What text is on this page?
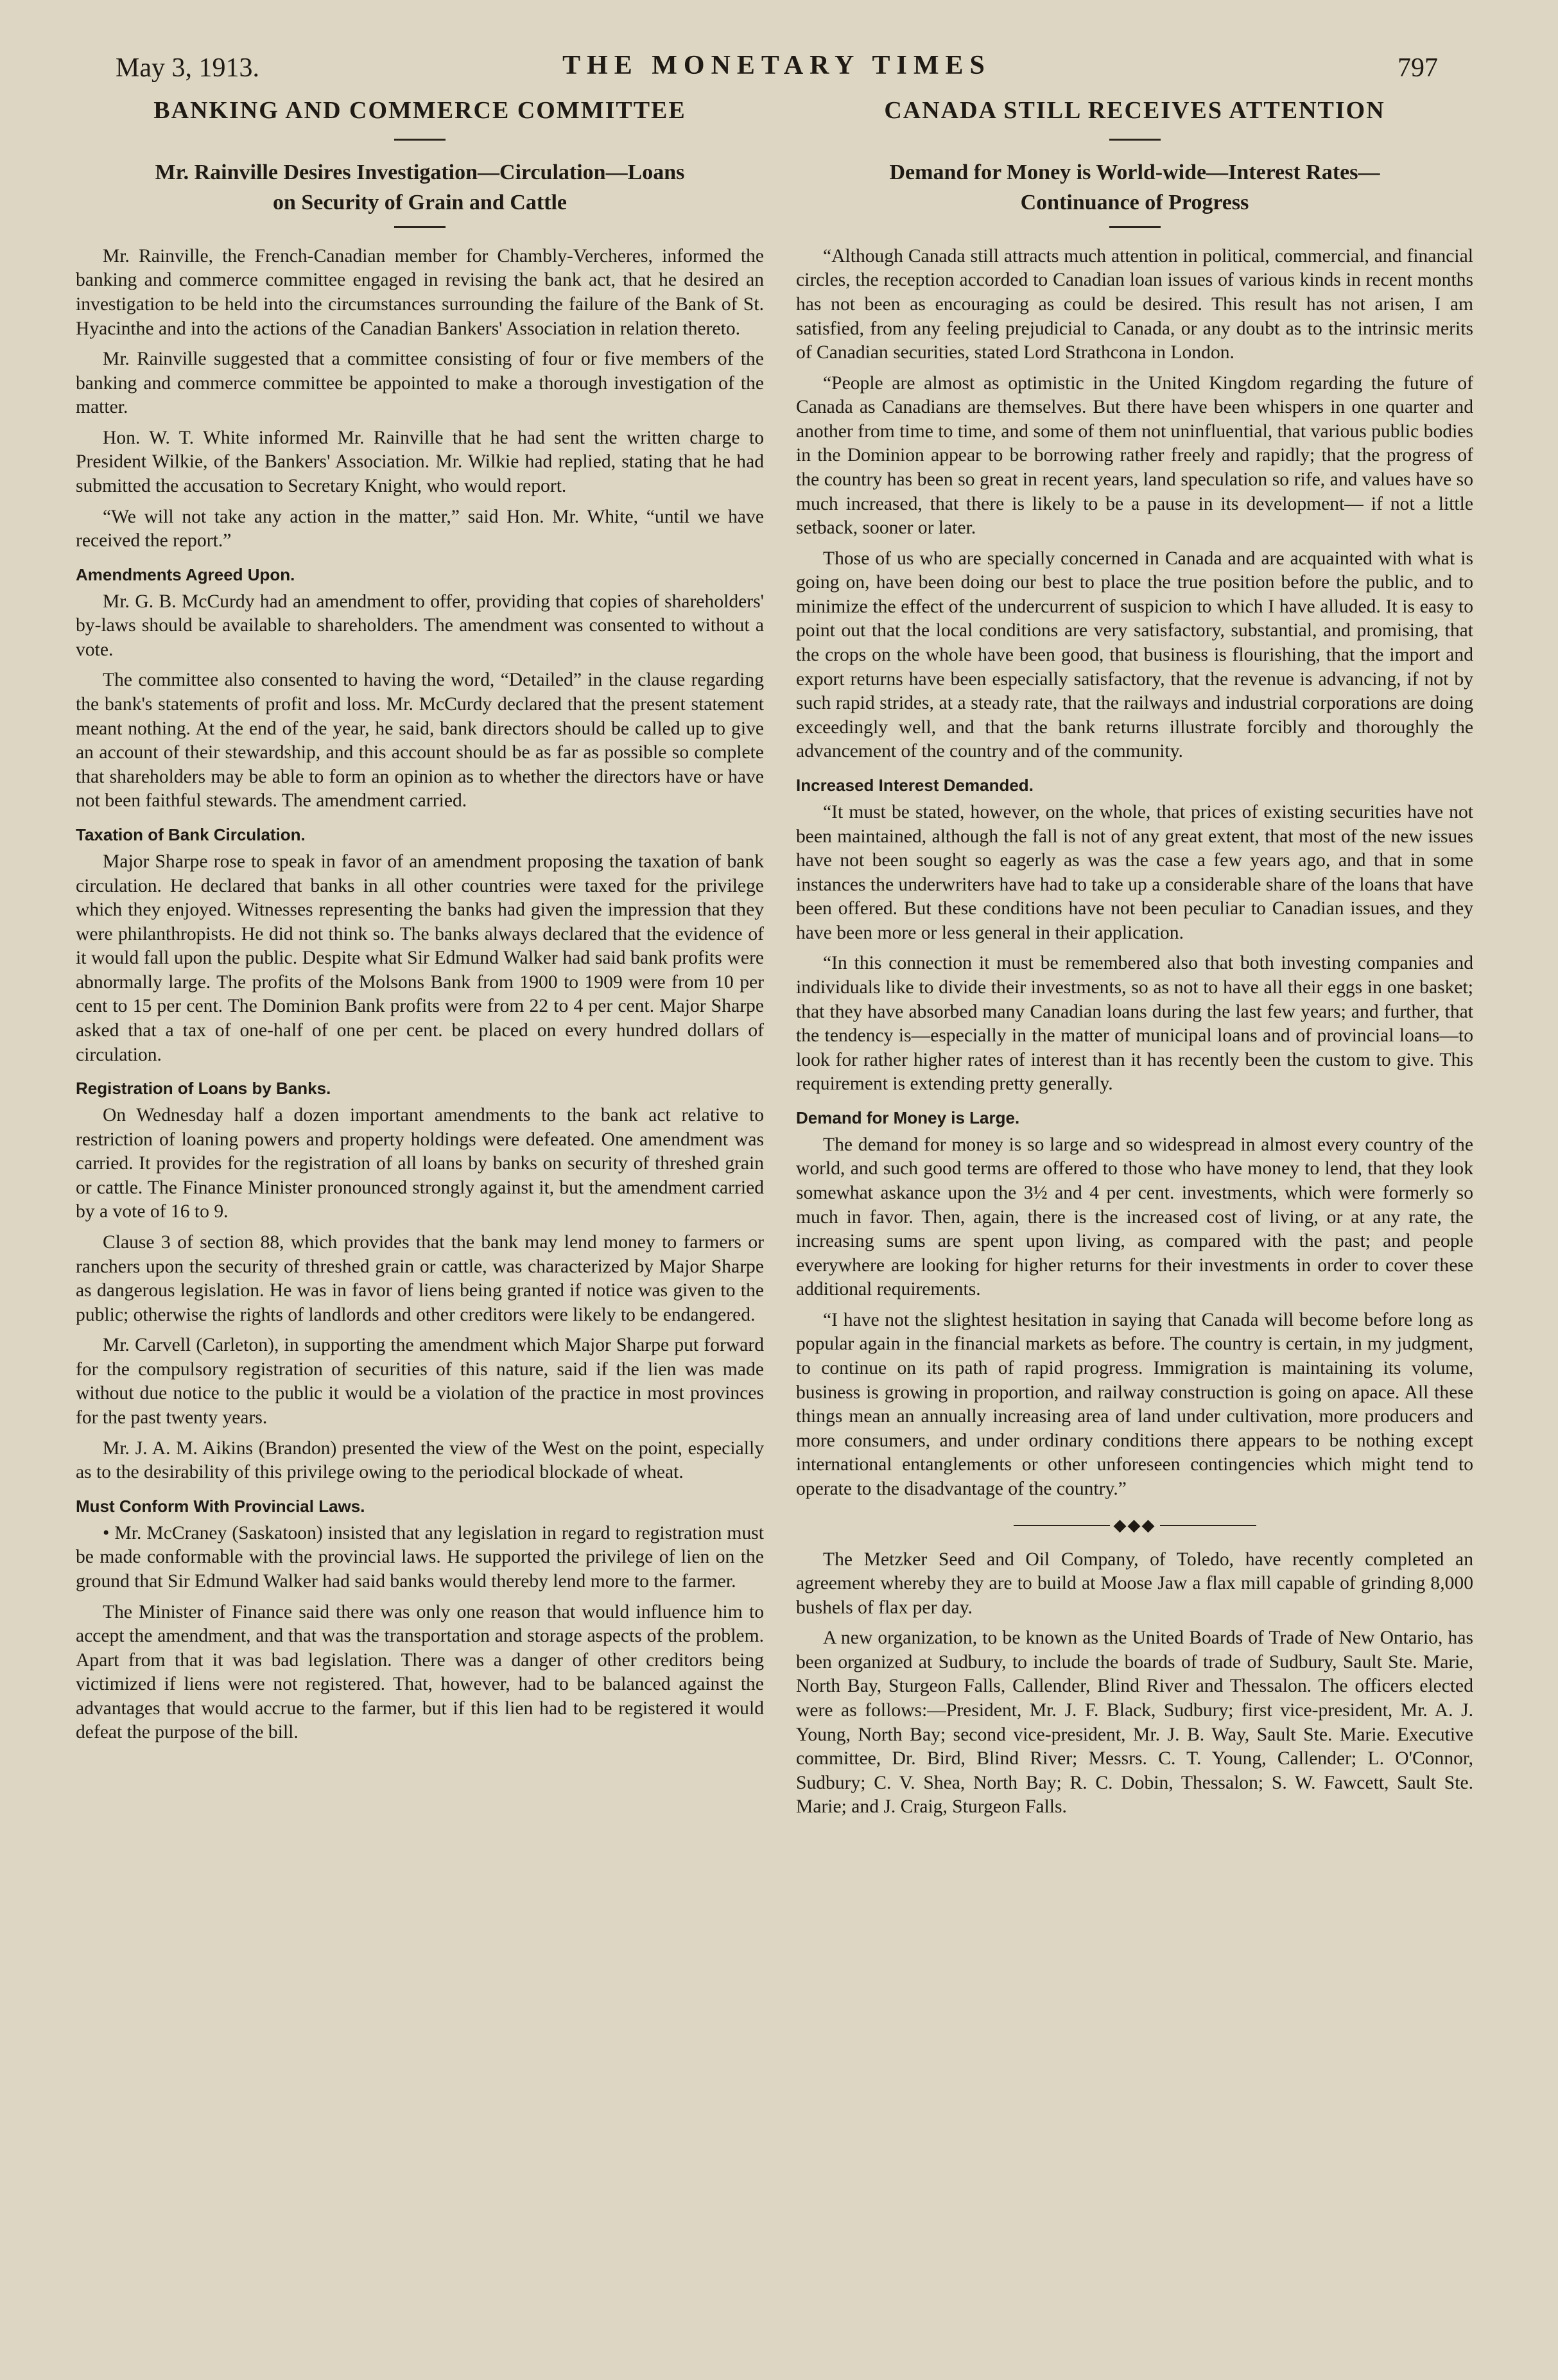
May 3, 1913.	THE MONETARY TIMES	797
BANKING AND COMMERCE COMMITTEE
Mr. Rainville Desires Investigation—Circulation—Loans
on Security of Grain and Cattle

Mr. Rainville, the French-Canadian member for Chambly-Vercheres, informed the banking and commerce committee engaged in revising the bank act, that he desired an investigation to be held into the circumstances surrounding the failure of the Bank of St. Hyacinthe and into the actions of the Canadian Bankers' Association in relation thereto.

Mr. Rainville suggested that a committee consisting of four or five members of the banking and commerce committee be appointed to make a thorough investigation of the matter.

Hon. W. T. White informed Mr. Rainville that he had sent the written charge to President Wilkie, of the Bankers' Association. Mr. Wilkie had replied, stating that he had submitted the accusation to Secretary Knight, who would report.

“We will not take any action in the matter,” said Hon. Mr. White, “until we have received the report.”

Amendments Agreed Upon.

Mr. G. B. McCurdy had an amendment to offer, providing that copies of shareholders' by-laws should be available to shareholders. The amendment was consented to without a vote.

The committee also consented to having the word, “Detailed” in the clause regarding the bank's statements of profit and loss. Mr. McCurdy declared that the present statement meant nothing. At the end of the year, he said, bank directors should be called up to give an account of their stewardship, and this account should be as far as possible so complete that shareholders may be able to form an opinion as to whether the directors have or have not been faithful stewards. The amendment carried.

Taxation of Bank Circulation.

Major Sharpe rose to speak in favor of an amendment proposing the taxation of bank circulation. He declared that banks in all other countries were taxed for the privilege which they enjoyed. Witnesses representing the banks had given the impression that they were philanthropists. He did not think so. The banks always declared that the evidence of it would fall upon the public. Despite what Sir Edmund Walker had said bank profits were abnormally large. The profits of the Molsons Bank from 1900 to 1909 were from 10 per cent to 15 per cent. The Dominion Bank profits were from 22 to 4 per cent. Major Sharpe asked that a tax of one-half of one per cent. be placed on every hundred dollars of circulation.

Registration of Loans by Banks.

On Wednesday half a dozen important amendments to the bank act relative to restriction of loaning powers and property holdings were defeated. One amendment was carried. It provides for the registration of all loans by banks on security of threshed grain or cattle. The Finance Minister pronounced strongly against it, but the amendment carried by a vote of 16 to 9.

Clause 3 of section 88, which provides that the bank may lend money to farmers or ranchers upon the security of threshed grain or cattle, was characterized by Major Sharpe as dangerous legislation. He was in favor of liens being granted if notice was given to the public; otherwise the rights of landlords and other creditors were likely to be endangered.

Mr. Carvell (Carleton), in supporting the amendment which Major Sharpe put forward for the compulsory registration of securities of this nature, said if the lien was made without due notice to the public it would be a violation of the practice in most provinces for the past twenty years.

Mr. J. A. M. Aikins (Brandon) presented the view of the West on the point, especially as to the desirability of this privilege owing to the periodical blockade of wheat.

Must Conform With Provincial Laws.

• Mr. McCraney (Saskatoon) insisted that any legislation in regard to registration must be made conformable with the provincial laws. He supported the privilege of lien on the ground that Sir Edmund Walker had said banks would thereby lend more to the farmer.

The Minister of Finance said there was only one reason that would influence him to accept the amendment, and that was the transportation and storage aspects of the problem. Apart from that it was bad legislation. There was a danger of other creditors being victimized if liens were not registered. That, however, had to be balanced against the advantages that would accrue to the farmer, but if this lien had to be registered it would defeat the purpose of the bill.

CANADA STILL RECEIVES ATTENTION
Demand for Money is World-wide—Interest Rates—
Continuance of Progress

“Although Canada still attracts much attention in political, commercial, and financial circles, the reception accorded to Canadian loan issues of various kinds in recent months has not been as encouraging as could be desired. This result has not arisen, I am satisfied, from any feeling prejudicial to Canada, or any doubt as to the intrinsic merits of Canadian securities, stated Lord Strathcona in London.

“People are almost as optimistic in the United Kingdom regarding the future of Canada as Canadians are themselves. But there have been whispers in one quarter and another from time to time, and some of them not uninfluential, that various public bodies in the Dominion appear to be borrowing rather freely and rapidly; that the progress of the country has been so great in recent years, land speculation so rife, and values have so much increased, that there is likely to be a pause in its development— if not a little setback, sooner or later.

Those of us who are specially concerned in Canada and are acquainted with what is going on, have been doing our best to place the true position before the public, and to minimize the effect of the undercurrent of suspicion to which I have alluded. It is easy to point out that the local conditions are very satisfactory, substantial, and promising, that the crops on the whole have been good, that business is flourishing, that the import and export returns have been especially satisfactory, that the revenue is advancing, if not by such rapid strides, at a steady rate, that the railways and industrial corporations are doing exceedingly well, and that the bank returns illustrate forcibly and thoroughly the advancement of the country and of the community.

Increased Interest Demanded.

“It must be stated, however, on the whole, that prices of existing securities have not been maintained, although the fall is not of any great extent, that most of the new issues have not been sought so eagerly as was the case a few years ago, and that in some instances the underwriters have had to take up a considerable share of the loans that have been offered. But these conditions have not been peculiar to Canadian issues, and they have been more or less general in their application.

“In this connection it must be remembered also that both investing companies and individuals like to divide their investments, so as not to have all their eggs in one basket; that they have absorbed many Canadian loans during the last few years; and further, that the tendency is—especially in the matter of municipal loans and of provincial loans—to look for rather higher rates of interest than it has recently been the custom to give. This requirement is extending pretty generally.

Demand for Money is Large.

The demand for money is so large and so widespread in almost every country of the world, and such good terms are offered to those who have money to lend, that they look somewhat askance upon the 3½ and 4 per cent. investments, which were formerly so much in favor. Then, again, there is the increased cost of living, or at any rate, the increasing sums are spent upon living, as compared with the past; and people everywhere are looking for higher returns for their investments in order to cover these additional requirements.

“I have not the slightest hesitation in saying that Canada will become before long as popular again in the financial markets as before. The country is certain, in my judgment, to continue on its path of rapid progress. Immigration is maintaining its volume, business is growing in proportion, and railway construction is going on apace. All these things mean an annually increasing area of land under cultivation, more producers and more consumers, and under ordinary conditions there appears to be nothing except international entanglements or other unforeseen contingencies which might tend to operate to the disadvantage of the country.”

◆◆◆

The Metzker Seed and Oil Company, of Toledo, have recently completed an agreement whereby they are to build at Moose Jaw a flax mill capable of grinding 8,000 bushels of flax per day.

A new organization, to be known as the United Boards of Trade of New Ontario, has been organized at Sudbury, to include the boards of trade of Sudbury, Sault Ste. Marie, North Bay, Sturgeon Falls, Callender, Blind River and Thessalon. The officers elected were as follows:—President, Mr. J. F. Black, Sudbury; first vice-president, Mr. A. J. Young, North Bay; second vice-president, Mr. J. B. Way, Sault Ste. Marie. Executive committee, Dr. Bird, Blind River; Messrs. C. T. Young, Callender; L. O'Connor, Sudbury; C. V. Shea, North Bay; R. C. Dobin, Thessalon; S. W. Fawcett, Sault Ste. Marie; and J. Craig, Sturgeon Falls.
